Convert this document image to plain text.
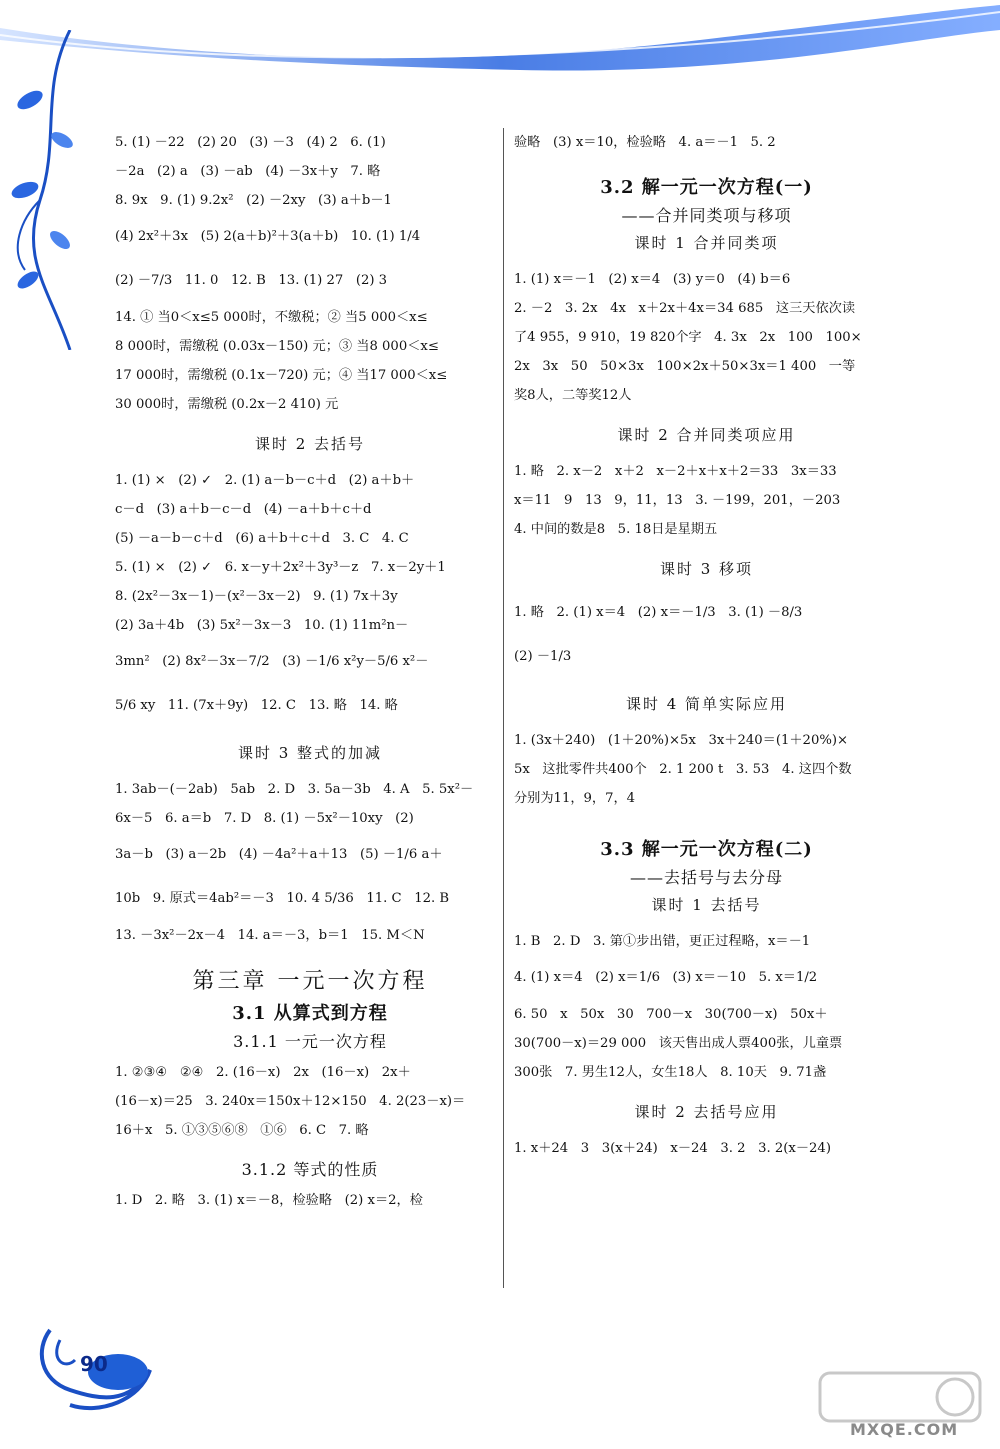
5. (1) －22   (2) 20   (3) －3   (4) 2   6. (1)
－2a   (2) a   (3) －ab   (4) －3x＋y   7. 略
8. 9x   9. (1) 9.2x²   (2) －2xy   (3) a＋b－1
(4) 2x²＋3x   (5) 2(a＋b)²＋3(a＋b)   10. (1) 1/4
(2) －7/3   11. 0   12. B   13. (1) 27   (2) 3
14. ① 当0＜x≤5 000时，不缴税；② 当5 000＜x≤
8 000时，需缴税 (0.03x－150) 元；③ 当8 000＜x≤
17 000时，需缴税 (0.1x－720) 元；④ 当17 000＜x≤
30 000时，需缴税 (0.2x－2 410) 元
课时 2 去括号
1. (1) ×   (2) ✓   2. (1) a－b－c＋d   (2) a＋b＋
c－d   (3) a＋b－c－d   (4) －a＋b＋c＋d
(5) －a－b－c＋d   (6) a＋b＋c＋d   3. C   4. C
5. (1) ×   (2) ✓   6. x－y＋2x²＋3y³－z   7. x－2y＋1
8. (2x²－3x－1)－(x²－3x－2)   9. (1) 7x＋3y
(2) 3a＋4b   (3) 5x²－3x－3   10. (1) 11m²n－
3mn²   (2) 8x²－3x－7/2   (3) －1/6 x²y－5/6 x²－
5/6 xy   11. (7x＋9y)   12. C   13. 略   14. 略
课时 3 整式的加减
1. 3ab－(－2ab)   5ab   2. D   3. 5a－3b   4. A   5. 5x²－
6x－5   6. a＝b   7. D   8. (1) －5x²－10xy   (2)
3a－b   (3) a－2b   (4) －4a²＋a＋13   (5) －1/6 a＋
10b   9. 原式＝4ab²＝－3   10. 4 5/36   11. C   12. B
13. －3x²－2x－4   14. a＝－3，b＝1   15. M＜N
第三章 一元一次方程
3.1 从算式到方程
3.1.1 一元一次方程
1. ②③④   ②④   2. (16－x)   2x   (16－x)   2x＋
(16－x)＝25   3. 240x＝150x＋12×150   4. 2(23－x)＝
16＋x   5. ①③⑤⑥⑧   ①⑥   6. C   7. 略
3.1.2 等式的性质
1. D   2. 略   3. (1) x＝－8，检验略   (2) x＝2，检
验略   (3) x＝10，检验略   4. a＝－1   5. 2
3.2 解一元一次方程(一)
——合并同类项与移项
课时 1 合并同类项
1. (1) x＝－1   (2) x＝4   (3) y＝0   (4) b＝6
2. －2   3. 2x   4x   x＋2x＋4x＝34 685   这三天依次读
了4 955，9 910，19 820个字   4. 3x   2x   100   100×
2x   3x   50   50×3x   100×2x＋50×3x＝1 400   一等
奖8人，二等奖12人
课时 2 合并同类项应用
1. 略   2. x－2   x＋2   x－2＋x＋x＋2＝33   3x＝33
x＝11   9   13   9，11，13   3. －199，201，－203
4. 中间的数是8   5. 18日是星期五
课时 3 移项
1. 略   2. (1) x＝4   (2) x＝－1/3   3. (1) －8/3
(2) －1/3
课时 4 简单实际应用
1. (3x＋240)   (1＋20%)×5x   3x＋240＝(1＋20%)×
5x   这批零件共400个   2. 1 200 t   3. 53   4. 这四个数
分别为11，9，7，4
3.3 解一元一次方程(二)
——去括号与去分母
课时 1 去括号
1. B   2. D   3. 第①步出错，更正过程略，x＝－1
4. (1) x＝4   (2) x＝1/6   (3) x＝－10   5. x＝1/2
6. 50   x   50x   30   700－x   30(700－x)   50x＋
30(700－x)＝29 000   该天售出成人票400张，儿童票
300张   7. 男生12人，女生18人   8. 10天   9. 71盏
课时 2 去括号应用
1. x＋24   3   3(x＋24)   x－24   3. 2   3. 2(x－24)
90
MXQE.COM
